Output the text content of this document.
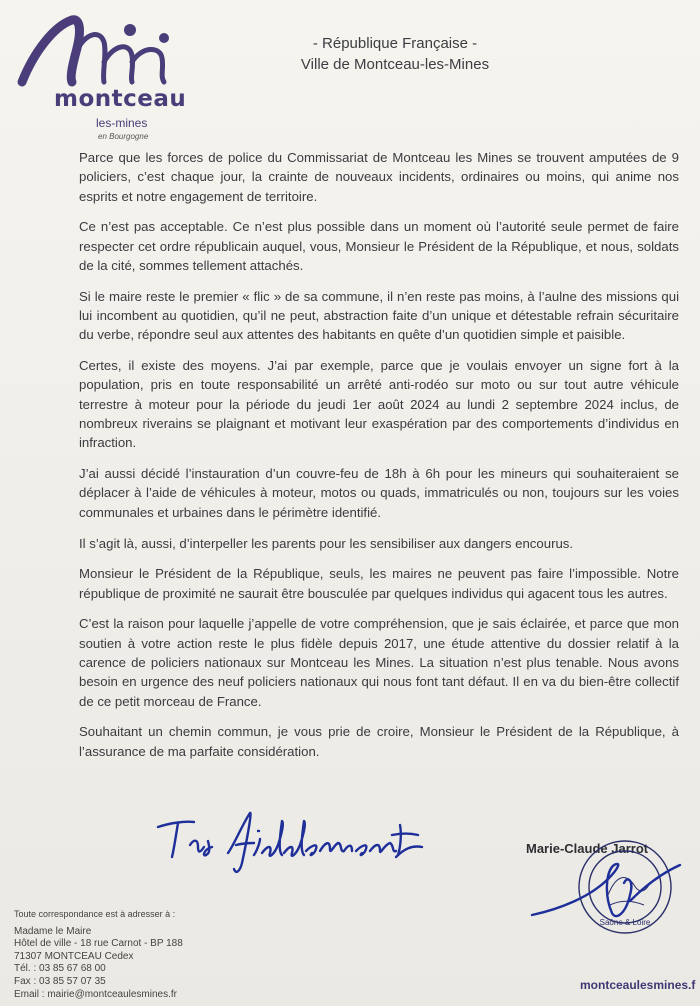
montceau
les-mines
en Bourgogne
- République Française -
Ville de Montceau-les-Mines

Parce que les forces de police du Commissariat de Montceau les Mines se trouvent amputées de 9 policiers, c’est chaque jour, la crainte de nouveaux incidents, ordinaires ou moins, qui anime nos esprits et notre engagement de territoire.

Ce n’est pas acceptable. Ce n’est plus possible dans un moment où l’autorité seule permet de faire respecter cet ordre républicain auquel, vous, Monsieur le Président de la République, et nous, soldats de la cité, sommes tellement attachés.

Si le maire reste le premier « flic » de sa commune, il n’en reste pas moins, à l’aulne des missions qui lui incombent au quotidien, qu’il ne peut, abstraction faite d’un unique et détestable refrain sécuritaire du verbe, répondre seul aux attentes des habitants en quête d’un quotidien simple et paisible.

Certes, il existe des moyens. J’ai par exemple, parce que je voulais envoyer un signe fort à la population, pris en toute responsabilité un arrêté anti-rodéo sur moto ou sur tout autre véhicule terrestre à moteur pour la période du jeudi 1er août 2024 au lundi 2 septembre 2024 inclus, de nombreux riverains se plaignant et motivant leur exaspération par des comportements d’individus en infraction.

J’ai aussi décidé l’instauration d’un couvre-feu de 18h à 6h pour les mineurs qui souhaiteraient se déplacer à l’aide de véhicules à moteur, motos ou quads, immatriculés ou non, toujours sur les voies communales et urbaines dans le périmètre identifié.

Il s’agit là, aussi, d’interpeller les parents pour les sensibiliser aux dangers encourus.

Monsieur le Président de la République, seuls, les maires ne peuvent pas faire l’impossible. Notre république de proximité ne saurait être bousculée par quelques individus qui agacent tous les autres.

C’est la raison pour laquelle j’appelle de votre compréhension, que je sais éclairée, et parce que mon soutien à votre action reste le plus fidèle depuis 2017, une étude attentive du dossier relatif à la carence de policiers nationaux sur Montceau les Mines. La situation n’est plus tenable. Nous avons besoin en urgence des neuf policiers nationaux qui nous font tant défaut. Il en va du bien-être collectif de ce petit morceau de France.

Souhaitant un chemin commun, je vous prie de croire, Monsieur le Président de la République, à l’assurance de ma parfaite considération.

Marie-Claude Jarrot
Saône & Loire
Toute correspondance est à adresser à :
Madame le Maire
Hôtel de ville - 18 rue Carnot - BP 188
71307 MONTCEAU Cedex
Tél. : 03 85 67 68 00
Fax : 03 85 57 07 35
Email : mairie@montceaulesmines.fr
montceaulesmines.f
